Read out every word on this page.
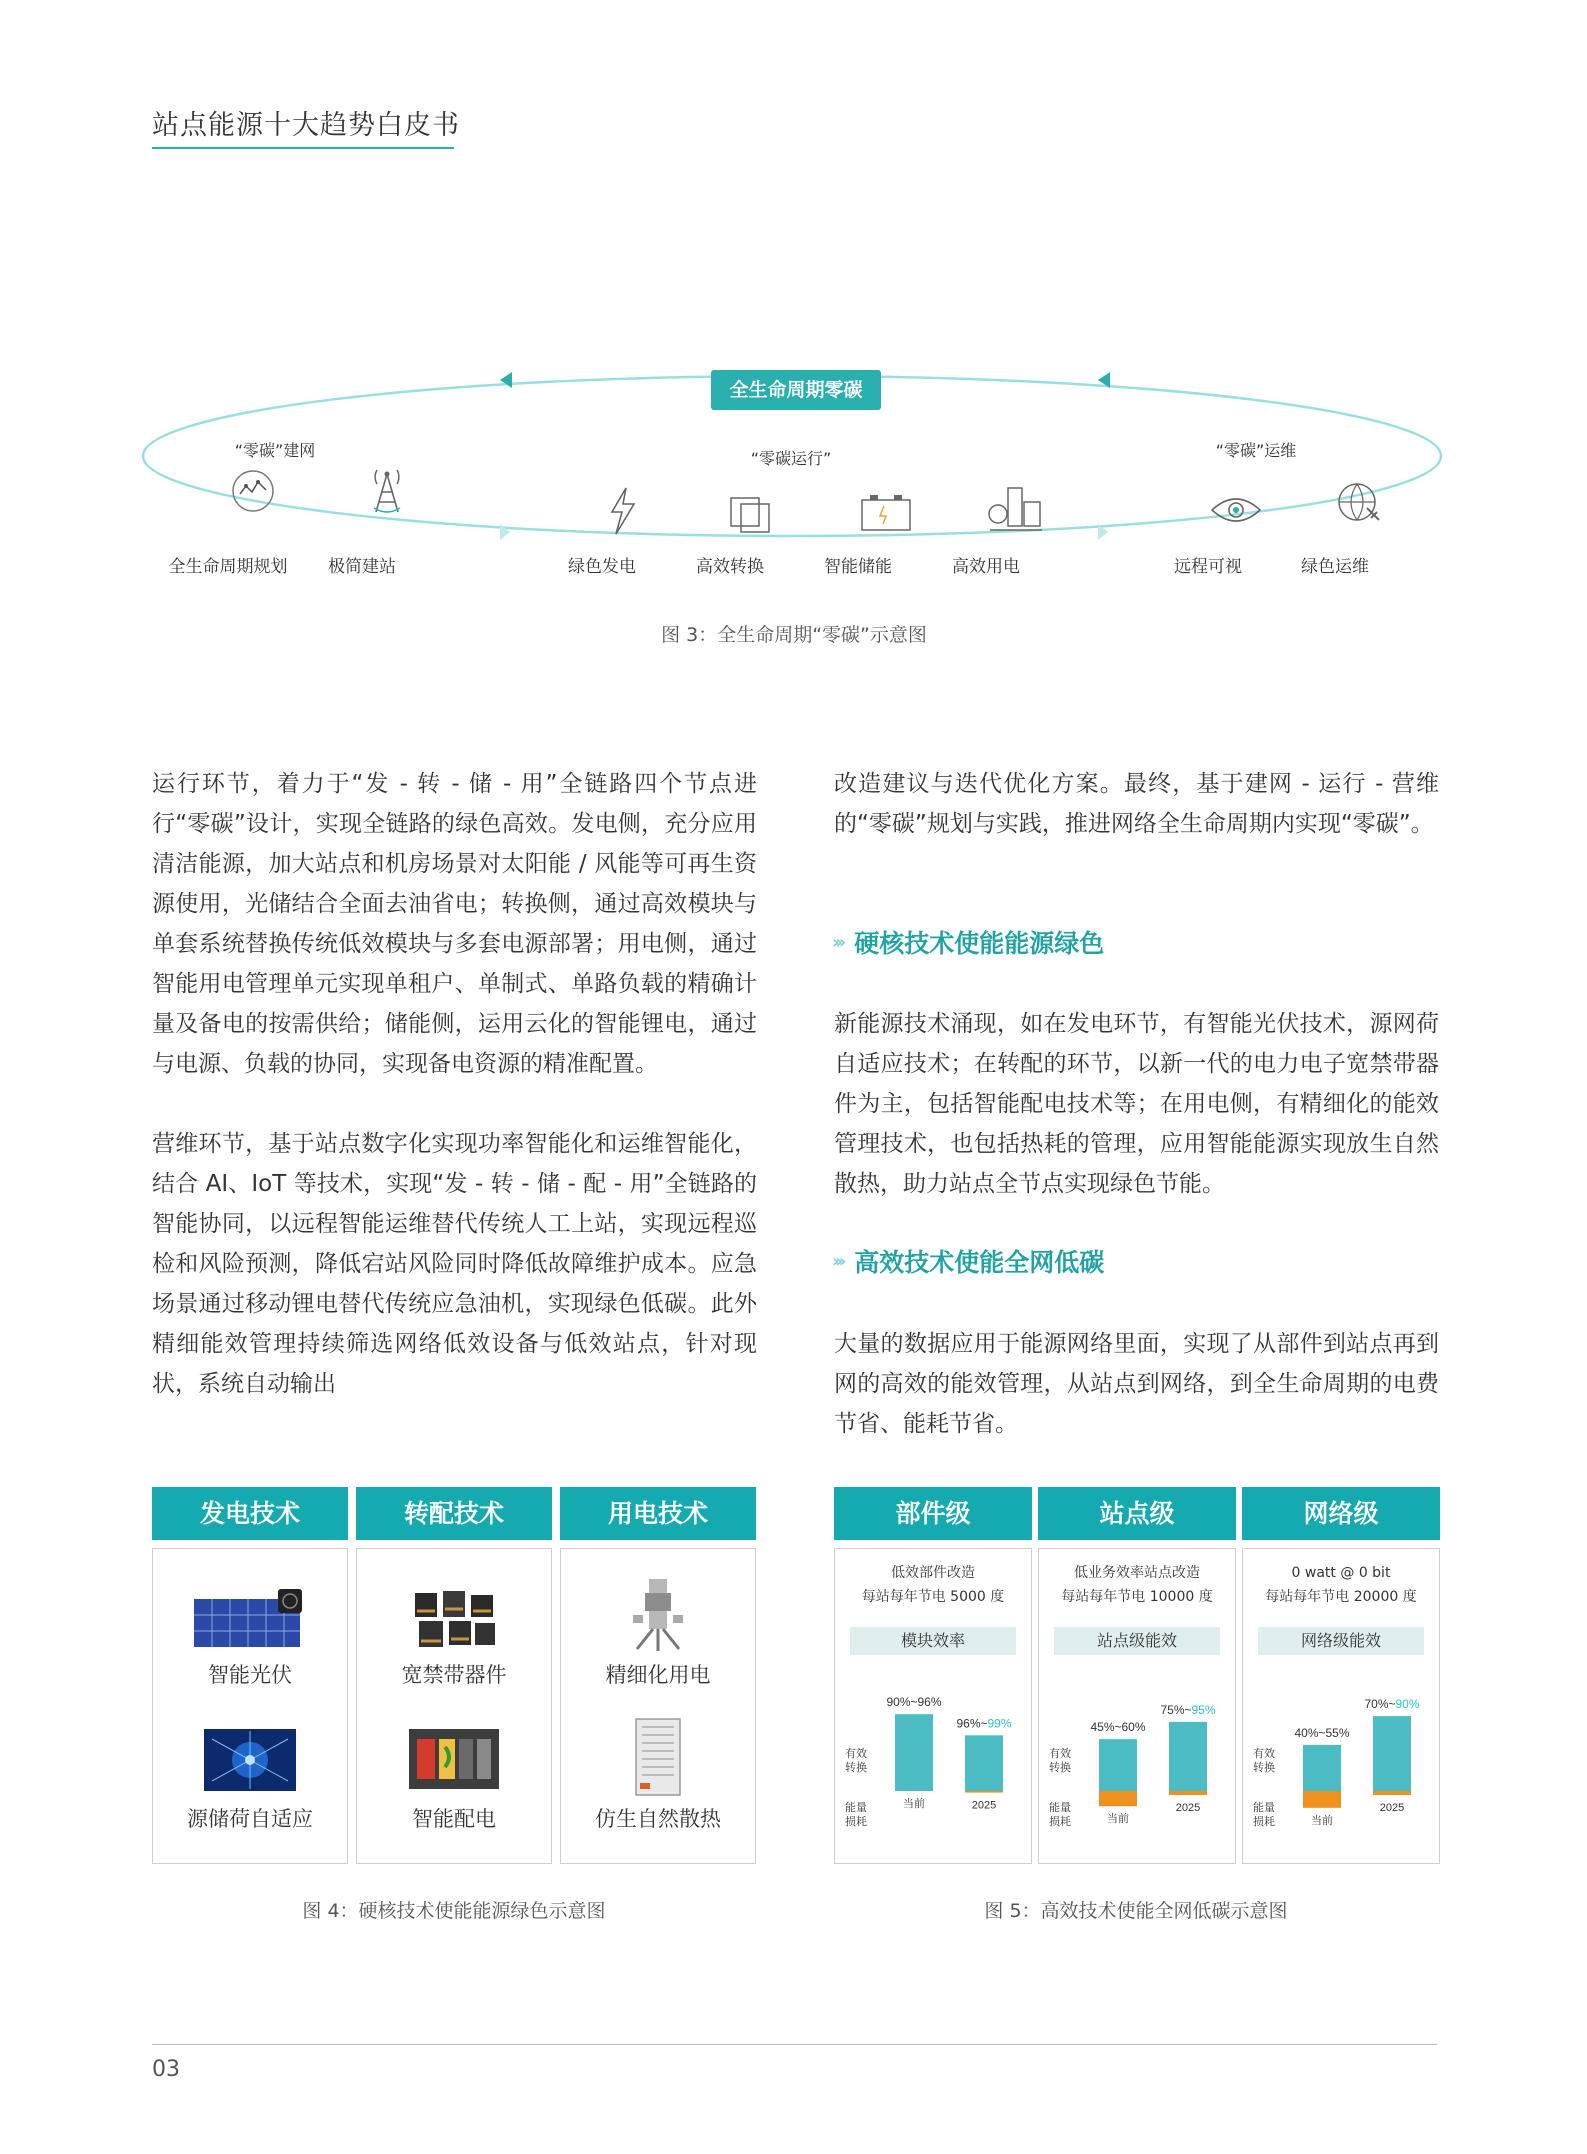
站点能源十大趋势白皮书
全生命周期零碳
“零碳”建网	“零碳运行”	“零碳”运维
全生命周期规划 极简建站	绿色发电	高效转换	智能储能	高效用电	远程可视	绿色运维
图 3：全生命周期“零碳”示意图

运行环节，着力于“发 - 转 - 储 - 用”全链路四个节点进行“零碳”设计，实现全链路的绿色高效。发电侧，充分应用清洁能源，加大站点和机房场景对太阳能 / 风能等可再生资源使用，光储结合全面去油省电；转换侧，通过高效模块与单套系统替换传统低效模块与多套电源部署；用电侧，通过智能用电管理单元实现单租户、单制式、单路负载的精确计量及备电的按需供给；储能侧，运用云化的智能锂电，通过与电源、负载的协同，实现备电资源的精准配置。

营维环节，基于站点数字化实现功率智能化和运维智能化，结合 AI、IoT 等技术，实现“发 - 转 - 储 - 配 - 用”全链路的智能协同，以远程智能运维替代传统人工上站，实现远程巡检和风险预测，降低宕站风险同时降低故障维护成本。应急场景通过移动锂电替代传统应急油机，实现绿色低碳。此外精细能效管理持续筛选网络低效设备与低效站点，针对现状，系统自动输出

改造建议与迭代优化方案。最终，基于建网 - 运行 - 营维的“零碳”规划与实践，推进网络全生命周期内实现“零碳”。

››› 硬核技术使能能源绿色

新能源技术涌现，如在发电环节，有智能光伏技术，源网荷自适应技术；在转配的环节，以新一代的电力电子宽禁带器件为主，包括智能配电技术等；在用电侧，有精细化的能效管理技术，也包括热耗的管理，应用智能能源实现放生自然散热，助力站点全节点实现绿色节能。

››› 高效技术使能全网低碳

大量的数据应用于能源网络里面，实现了从部件到站点再到网的高效的能效管理，从站点到网络，到全生命周期的电费节省、能耗节省。

发电技术	转配技术	用电技术
智能光伏
源储荷自适应
宽禁带器件
智能配电
精细化用电
仿生自然散热
图 4：硬核技术使能能源绿色示意图
部件级	站点级	网络级
低效部件改造
每站每年节电 5000 度
模块效率
有效
转换
能量
损耗
90%~96%
96%~99%
当前	2025
低业务效率站点改造
每站每年节电 10000 度
站点级能效
有效
转换
能量
损耗
45%~60%
75%~95%
当前
2025
0 watt @ 0 bit
每站每年节电 20000 度
网络级能效
有效
转换
能量
损耗
40%~55%
70%~90%
当前
2025
图 5：高效技术使能全网低碳示意图
03
